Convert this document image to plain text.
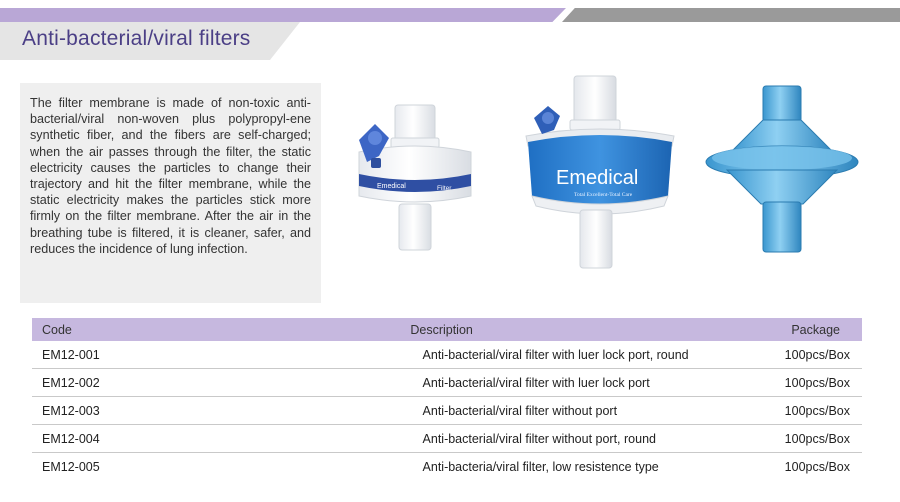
Anti-bacterial/viral filters
The filter membrane is made of non-toxic anti-bacterial/viral non-woven plus polypropyl-ene synthetic fiber, and the fibers are self-charged; when the air passes through the filter, the static electricity causes the particles to change their trajectory and hit the filter membrane, while the static electricity makes the particles stick more firmly on the filter membrane. After the air in the breathing tube is filtered, it is cleaner, safer, and reduces the incidence of lung infection.
Emedical	Filter	Emedical
Total Excellent-Total Care
Code	Description	Package
EM12-001	Anti-bacterial/viral filter with luer lock port, round	100pcs/Box
EM12-002	Anti-bacterial/viral filter with luer lock port	100pcs/Box
EM12-003	Anti-bacterial/viral filter without port	100pcs/Box
EM12-004	Anti-bacterial/viral filter without port, round	100pcs/Box
EM12-005	Anti-bacteria/viral filter, low resistence type	100pcs/Box
